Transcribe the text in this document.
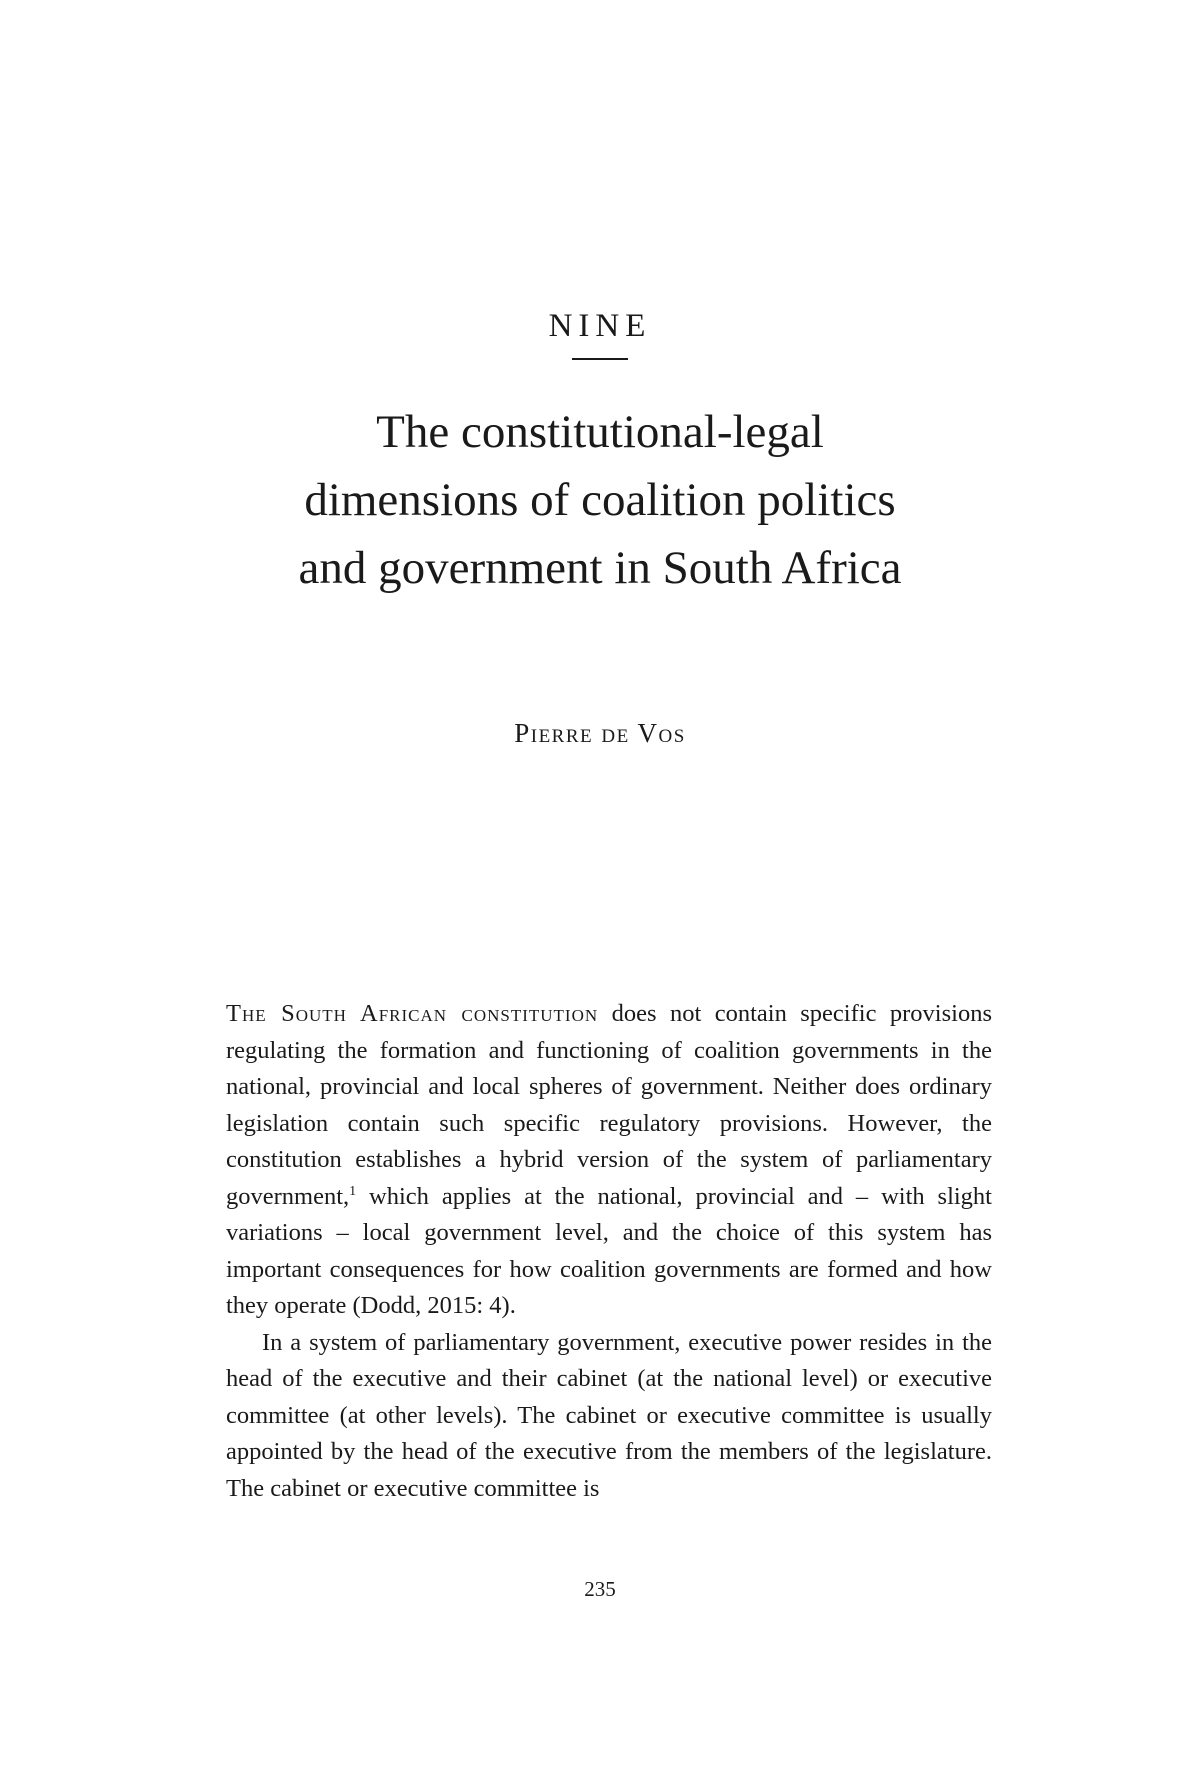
NINE
The constitutional-legal
dimensions of coalition politics
and government in South Africa
Pierre de Vos

The South African constitution does not contain specific provisions regulating the formation and functioning of coalition governments in the national, provincial and local spheres of government. Neither does ordinary legislation contain such specific regulatory provisions. However, the constitution establishes a hybrid version of the system of parliamentary government,$^1$ which applies at the national, provincial and – with slight variations – local government level, and the choice of this system has important consequences for how coalition governments are formed and how they operate (Dodd, 2015: 4).

In a system of parliamentary government, executive power resides in the head of the executive and their cabinet (at the national level) or executive committee (at other levels). The cabinet or executive committee is usually appointed by the head of the executive from the members of the legislature. The cabinet or executive committee is

235
